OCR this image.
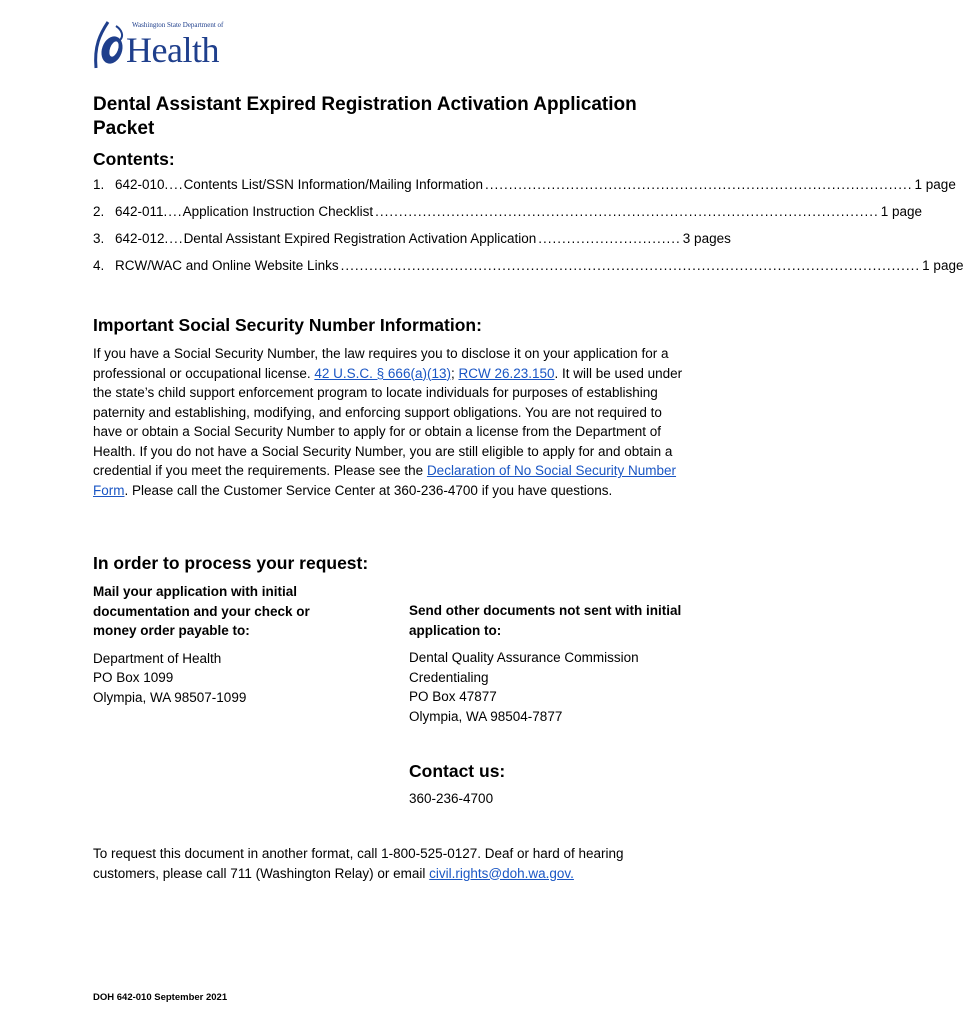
Washington State Department of
Health
Dental Assistant Expired Registration Activation Application Packet
Contents:
1. 642-010 .... Contents List/SSN Information/Mailing Information .......................................................................................... 1 page
2. 642-011 .... Application Instruction Checklist .......................................................................................................... 1 page
3. 642-012 .... Dental Assistant Expired Registration Activation Application .............................. 3 pages
4. RCW/WAC and Online Website Links .......................................................................................................................... 1 page
Important Social Security Number Information:

If you have a Social Security Number, the law requires you to disclose it on your application for a professional or occupational license. 42 U.S.C. § 666(a)(13); RCW 26.23.150. It will be used under the state’s child support enforcement program to locate individuals for purposes of establishing paternity and establishing, modifying, and enforcing support obligations. You are not required to have or obtain a Social Security Number to apply for or obtain a license from the Department of Health. If you do not have a Social Security Number, you are still eligible to apply for and obtain a credential if you meet the requirements. Please see the Declaration of No Social Security Number Form. Please call the Customer Service Center at 360-236-4700 if you have questions.

In order to process your request:

Mail your application with initial documentation and your check or money order payable to:

Department of Health
PO Box 1099
Olympia, WA 98507-1099

Send other documents not sent with initial application to:

Dental Quality Assurance Commission
Credentialing
PO Box 47877
Olympia, WA 98504-7877
Contact us:

360-236-4700

To request this document in another format, call 1-800-525-0127. Deaf or hard of hearing customers, please call 711 (Washington Relay) or email civil.rights@doh.wa.gov.

DOH 642-010 September 2021
